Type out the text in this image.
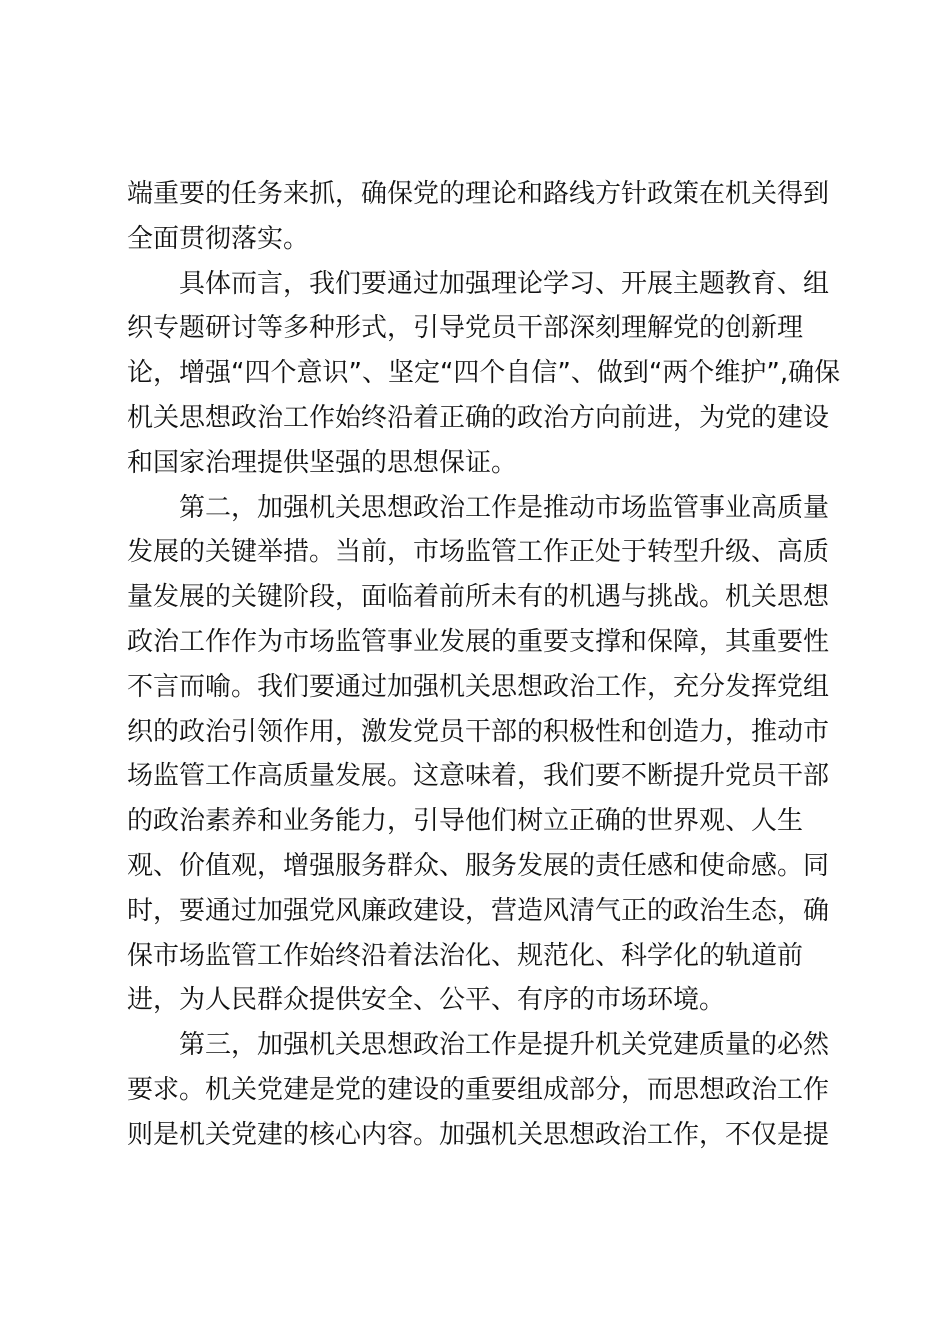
端重要的任务来抓，确保党的理论和路线方针政策在机关得到
全面贯彻落实。
具体而言，我们要通过加强理论学习、开展主题教育、组
织专题研讨等多种形式，引导党员干部深刻理解党的创新理
论，增强“四个意识”、坚定“四个自信”、做到“两个维护”,确保
机关思想政治工作始终沿着正确的政治方向前进，为党的建设
和国家治理提供坚强的思想保证。
第二，加强机关思想政治工作是推动市场监管事业高质量
发展的关键举措。当前，市场监管工作正处于转型升级、高质
量发展的关键阶段，面临着前所未有的机遇与挑战。机关思想
政治工作作为市场监管事业发展的重要支撑和保障，其重要性
不言而喻。我们要通过加强机关思想政治工作，充分发挥党组
织的政治引领作用，激发党员干部的积极性和创造力，推动市
场监管工作高质量发展。这意味着，我们要不断提升党员干部
的政治素养和业务能力，引导他们树立正确的世界观、人生
观、价值观，增强服务群众、服务发展的责任感和使命感。同
时，要通过加强党风廉政建设，营造风清气正的政治生态，确
保市场监管工作始终沿着法治化、规范化、科学化的轨道前
进，为人民群众提供安全、公平、有序的市场环境。
第三，加强机关思想政治工作是提升机关党建质量的必然
要求。机关党建是党的建设的重要组成部分，而思想政治工作
则是机关党建的核心内容。加强机关思想政治工作，不仅是提
